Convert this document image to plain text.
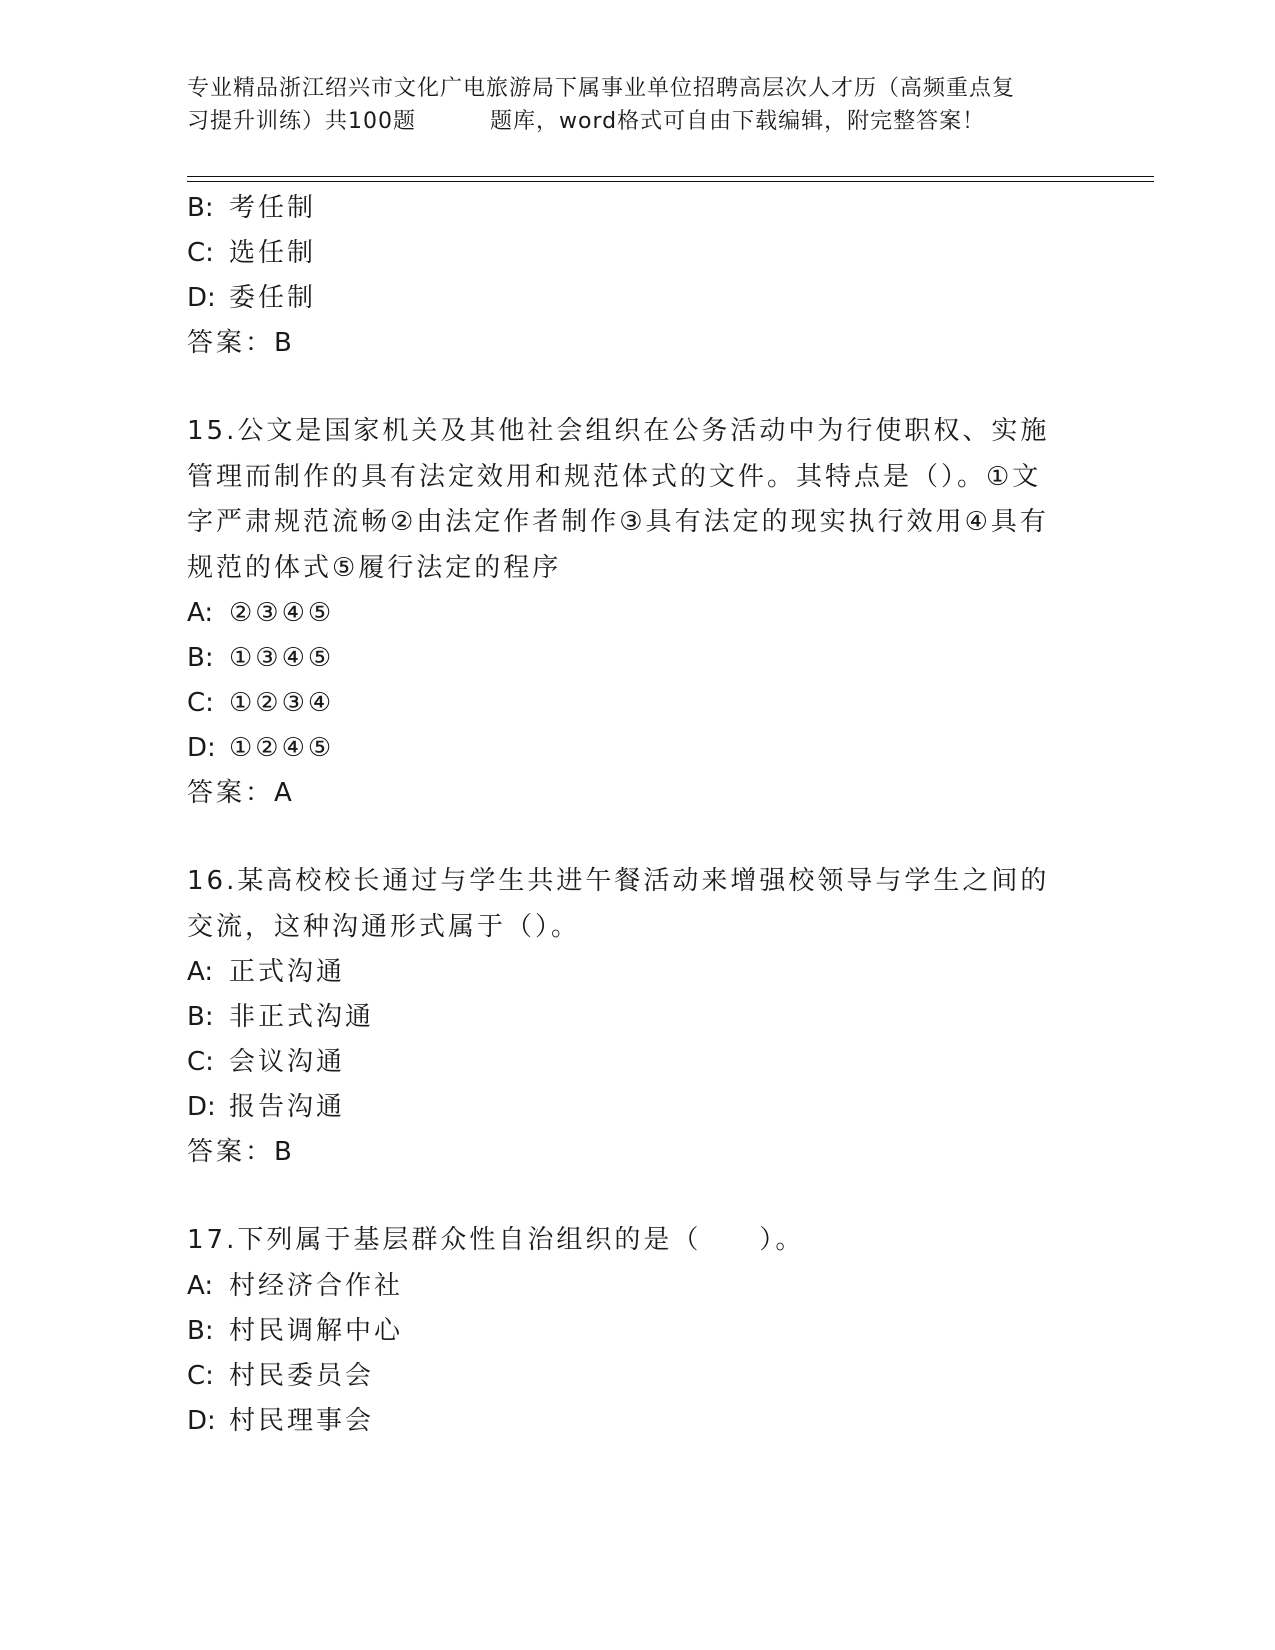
专业精品浙江绍兴市文化广电旅游局下属事业单位招聘高层次人才历（高频重点复
习提升训练）共100题	题库，word格式可自由下载编辑，附完整答案！
B: 考任制
C: 选任制
D: 委任制
答案：B
15.公文是国家机关及其他社会组织在公务活动中为行使职权、实施管理而制作的具有法定效用和规范体式的文件。其特点是（）。①文字严肃规范流畅②由法定作者制作③具有法定的现实执行效用④具有规范的体式⑤履行法定的程序
A: ②③④⑤
B: ①③④⑤
C: ①②③④
D: ①②④⑤
答案：A
16.某高校校长通过与学生共进午餐活动来增强校领导与学生之间的交流，这种沟通形式属于（）。
A: 正式沟通
B: 非正式沟通
C: 会议沟通
D: 报告沟通
答案：B
17.下列属于基层群众性自治组织的是（　　）。
A: 村经济合作社
B: 村民调解中心
C: 村民委员会
D: 村民理事会
